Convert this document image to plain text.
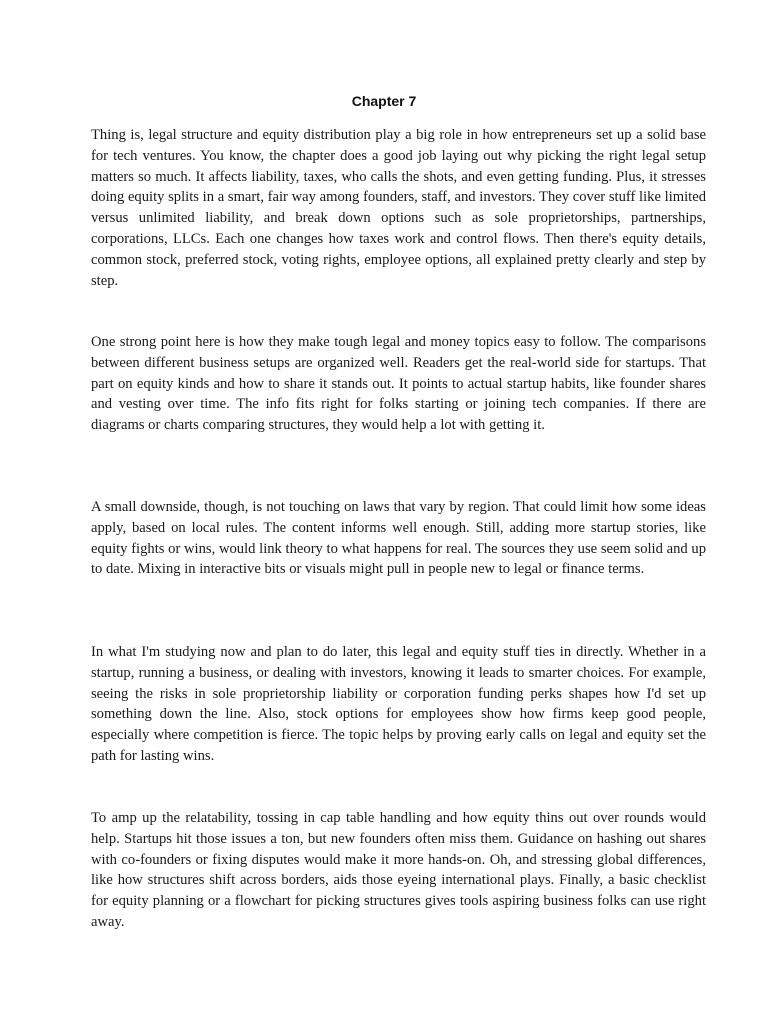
Chapter 7

Thing is, legal structure and equity distribution play a big role in how entrepreneurs set up a solid base for tech ventures. You know, the chapter does a good job laying out why picking the right legal setup matters so much. It affects liability, taxes, who calls the shots, and even getting funding. Plus, it stresses doing equity splits in a smart, fair way among founders, staff, and investors. They cover stuff like limited versus unlimited liability, and break down options such as sole proprietorships, partnerships, corporations, LLCs. Each one changes how taxes work and control flows. Then there's equity details, common stock, preferred stock, voting rights, employee options, all explained pretty clearly and step by step.

One strong point here is how they make tough legal and money topics easy to follow. The comparisons between different business setups are organized well. Readers get the real-world side for startups. That part on equity kinds and how to share it stands out. It points to actual startup habits, like founder shares and vesting over time. The info fits right for folks starting or joining tech companies. If there are diagrams or charts comparing structures, they would help a lot with getting it.

A small downside, though, is not touching on laws that vary by region. That could limit how some ideas apply, based on local rules. The content informs well enough. Still, adding more startup stories, like equity fights or wins, would link theory to what happens for real. The sources they use seem solid and up to date. Mixing in interactive bits or visuals might pull in people new to legal or finance terms.

In what I'm studying now and plan to do later, this legal and equity stuff ties in directly. Whether in a startup, running a business, or dealing with investors, knowing it leads to smarter choices. For example, seeing the risks in sole proprietorship liability or corporation funding perks shapes how I'd set up something down the line. Also, stock options for employees show how firms keep good people, especially where competition is fierce. The topic helps by proving early calls on legal and equity set the path for lasting wins.

To amp up the relatability, tossing in cap table handling and how equity thins out over rounds would help. Startups hit those issues a ton, but new founders often miss them. Guidance on hashing out shares with co-founders or fixing disputes would make it more hands-on. Oh, and stressing global differences, like how structures shift across borders, aids those eyeing international plays. Finally, a basic checklist for equity planning or a flowchart for picking structures gives tools aspiring business folks can use right away.
